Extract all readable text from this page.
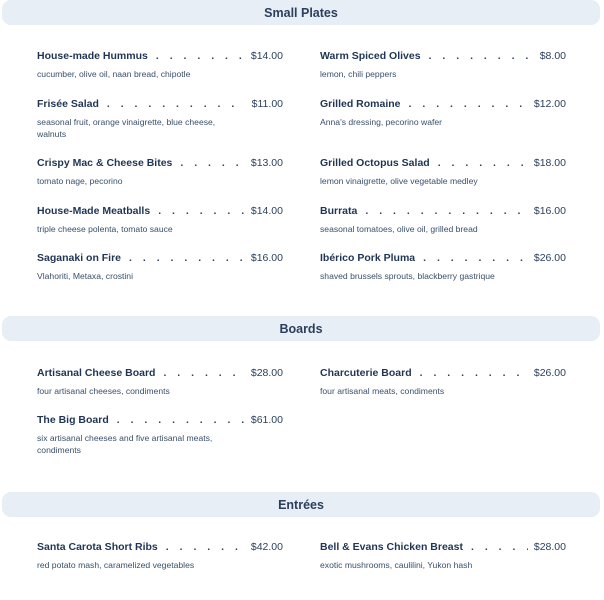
Small Plates
House-made Hummus . . .	$14.00
cucumber, olive oil, naan bread, chipotle
Warm Spiced Olives . . .	$8.00
lemon, chili peppers
Frisée Salad . . .	$11.00
seasonal fruit, orange vinaigrette, blue cheese, walnuts
Grilled Romaine . . .	$12.00
Anna's dressing, pecorino wafer
Crispy Mac & Cheese Bites . . .	$13.00
tomato nage, pecorino
Grilled Octopus Salad . . .	$18.00
lemon vinaigrette, olive vegetable medley
House-Made Meatballs . . .	$14.00
triple cheese polenta, tomato sauce
Burrata . . .	$16.00
seasonal tomatoes, olive oil, grilled bread
Saganaki on Fire . . .	$16.00
Vlahoriti, Metaxa, crostini
Ibérico Pork Pluma . . .	$26.00
shaved brussels sprouts, blackberry gastrique
Boards
Artisanal Cheese Board . . .	$28.00
four artisanal cheeses, condiments
Charcuterie Board . . .	$26.00
four artisanal meats, condiments
The Big Board . . .	$61.00
six artisanal cheeses and five artisanal meats, condiments
Entrées
Santa Carota Short Ribs . . .	$42.00
red potato mash, caramelized vegetables
Bell & Evans Chicken Breast . . .	$28.00
exotic mushrooms, caulilini, Yukon hash
